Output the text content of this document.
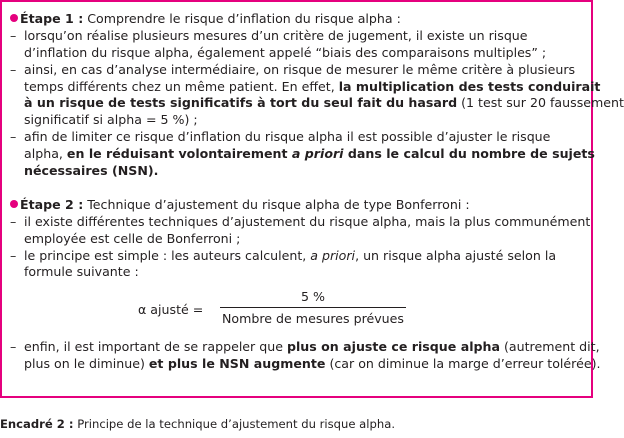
Étape 1 : Comprendre le risque d’inflation du risque alpha :
– lorsqu’on réalise plusieurs mesures d’un critère de jugement, il existe un risque
d’inflation du risque alpha, également appelé “biais des comparaisons multiples” ;
– ainsi, en cas d’analyse intermédiaire, on risque de mesurer le même critère à plusieurs
temps différents chez un même patient. En effet, la multiplication des tests conduirait
à un risque de tests significatifs à tort du seul fait du hasard (1 test sur 20 faussement
significatif si alpha = 5 %) ;
– afin de limiter ce risque d’inflation du risque alpha il est possible d’ajuster le risque
alpha, en le réduisant volontairement a priori dans le calcul du nombre de sujets
nécessaires (NSN).
Étape 2 : Technique d’ajustement du risque alpha de type Bonferroni :
– il existe différentes techniques d’ajustement du risque alpha, mais la plus communément
employée est celle de Bonferroni ;
– le principe est simple : les auteurs calculent, a priori, un risque alpha ajusté selon la
formule suivante :
α ajusté =
5 %
Nombre de mesures prévues
– enfin, il est important de se rappeler que plus on ajuste ce risque alpha (autrement dit,
plus on le diminue) et plus le NSN augmente (car on diminue la marge d’erreur tolérée).
Encadré 2 : Principe de la technique d’ajustement du risque alpha.
